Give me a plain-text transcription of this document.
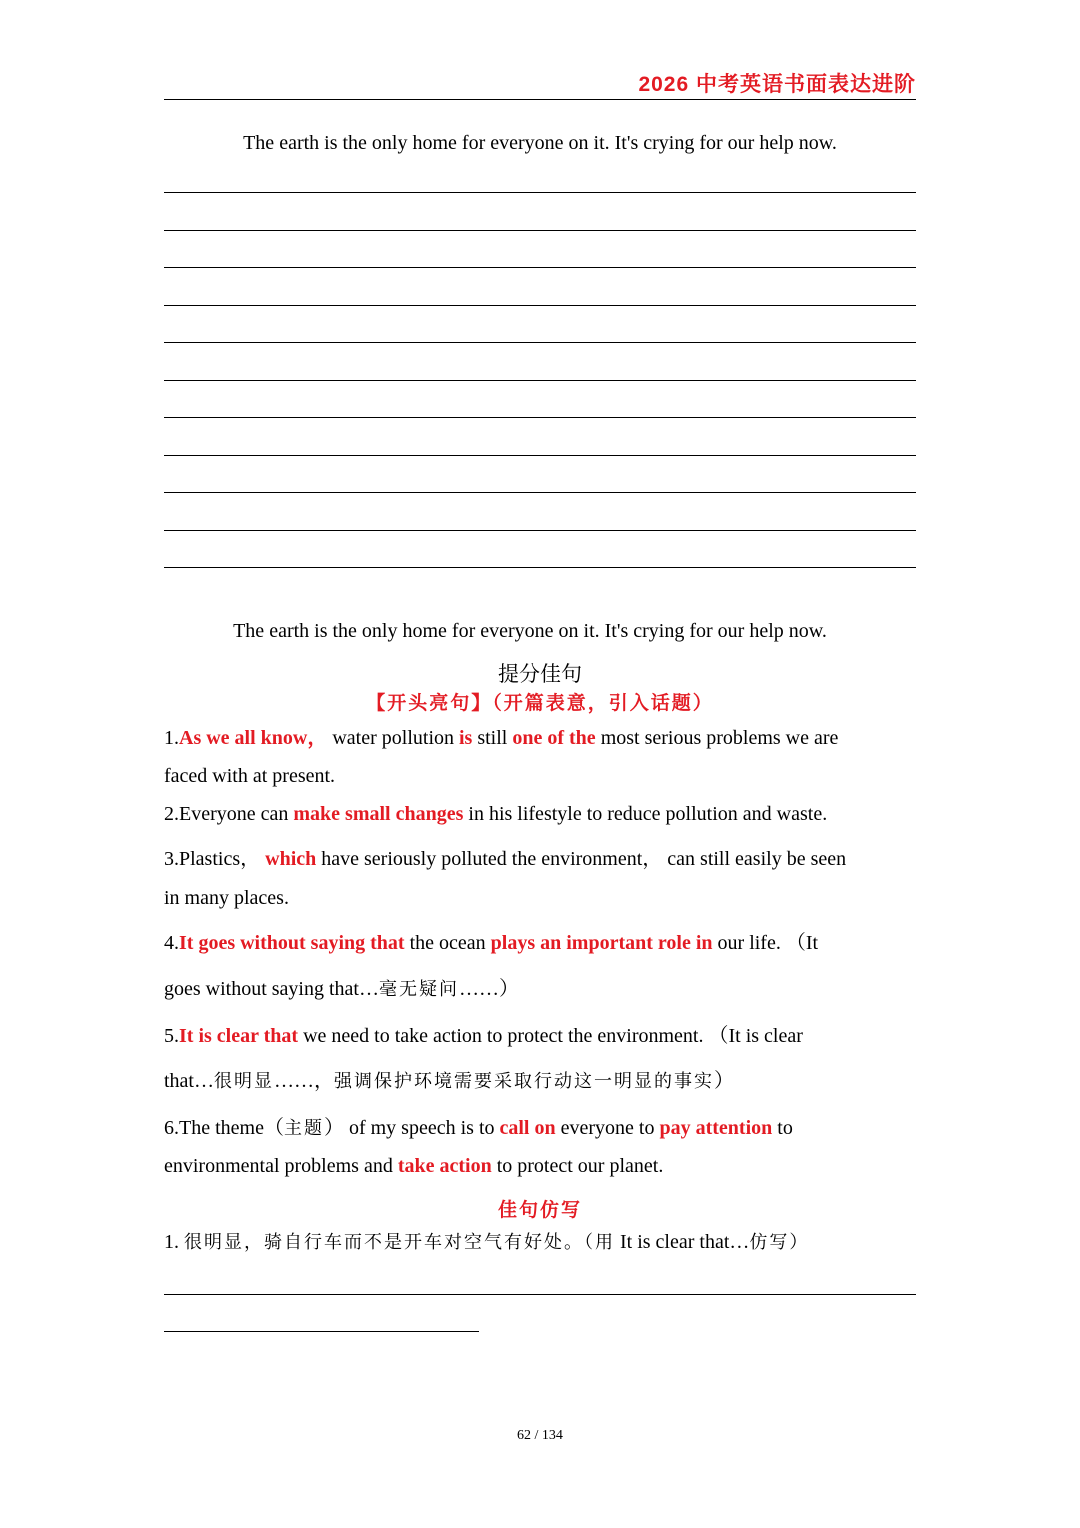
2026 中考英语书面表达进阶
The earth is the only home for everyone on it. It's crying for our help now.
The earth is the only home for everyone on it. It's crying for our help now.
提分佳句
【开头亮句】（开篇表意，引入话题）
1.As we all know， water pollution is still one of the most serious problems we are
faced with at present.
2.Everyone can make small changes in his lifestyle to reduce pollution and waste.
3.Plastics， which have seriously polluted the environment， can still easily be seen
in many places.
4.It goes without saying that the ocean plays an important role in our life. （It
goes without saying that…毫无疑问……）
5.It is clear that we need to take action to protect the environment. （It is clear
that…很明显……，强调保护环境需要采取行动这一明显的事实）
6.The theme（主题） of my speech is to call on everyone to pay attention to
environmental problems and take action to protect our planet.
佳句仿写
1. 很明显，骑自行车而不是开车对空气有好处。（用 It is clear that…仿写）
62 / 134
